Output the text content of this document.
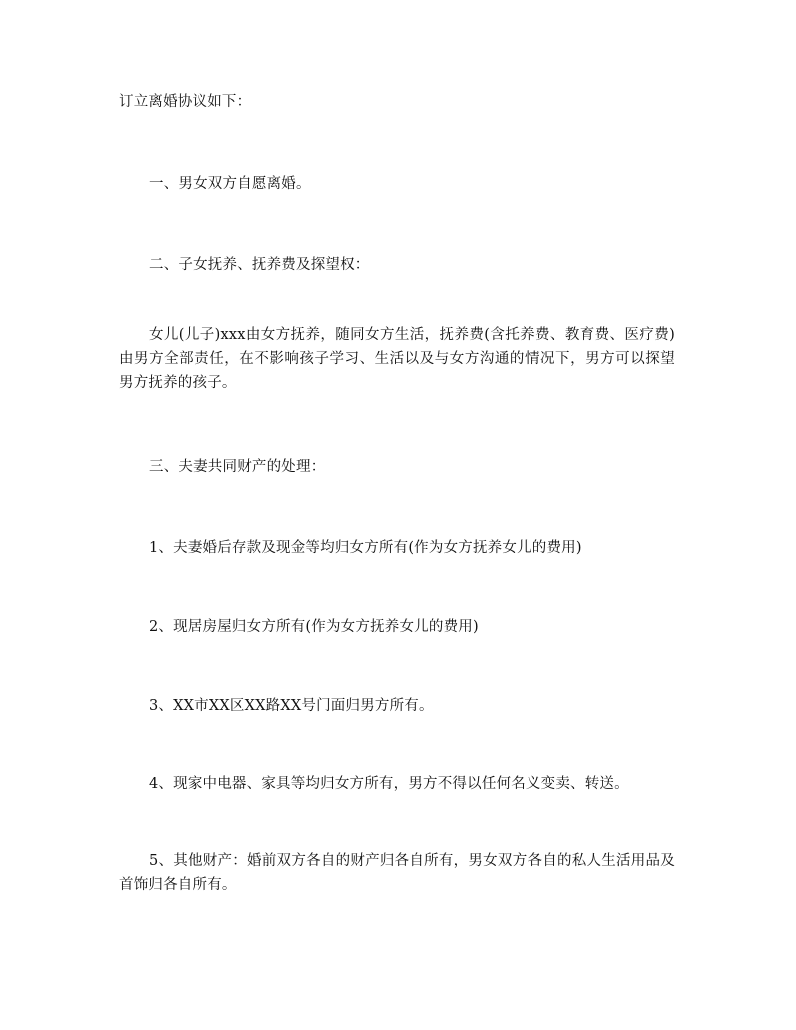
订立离婚协议如下：

一、男女双方自愿离婚。

二、子女抚养、抚养费及探望权：

女儿(儿子)xxx由女方抚养，随同女方生活，抚养费(含托养费、教育费、医疗费)由男方全部责任，在不影响孩子学习、生活以及与女方沟通的情况下，男方可以探望男方抚养的孩子。

三、夫妻共同财产的处理：

1、夫妻婚后存款及现金等均归女方所有(作为女方抚养女儿的费用)

2、现居房屋归女方所有(作为女方抚养女儿的费用)

3、XX市XX区XX路XX号门面归男方所有。

4、现家中电器、家具等均归女方所有，男方不得以任何名义变卖、转送。

5、其他财产：婚前双方各自的财产归各自所有，男女双方各自的私人生活用品及首饰归各自所有。
